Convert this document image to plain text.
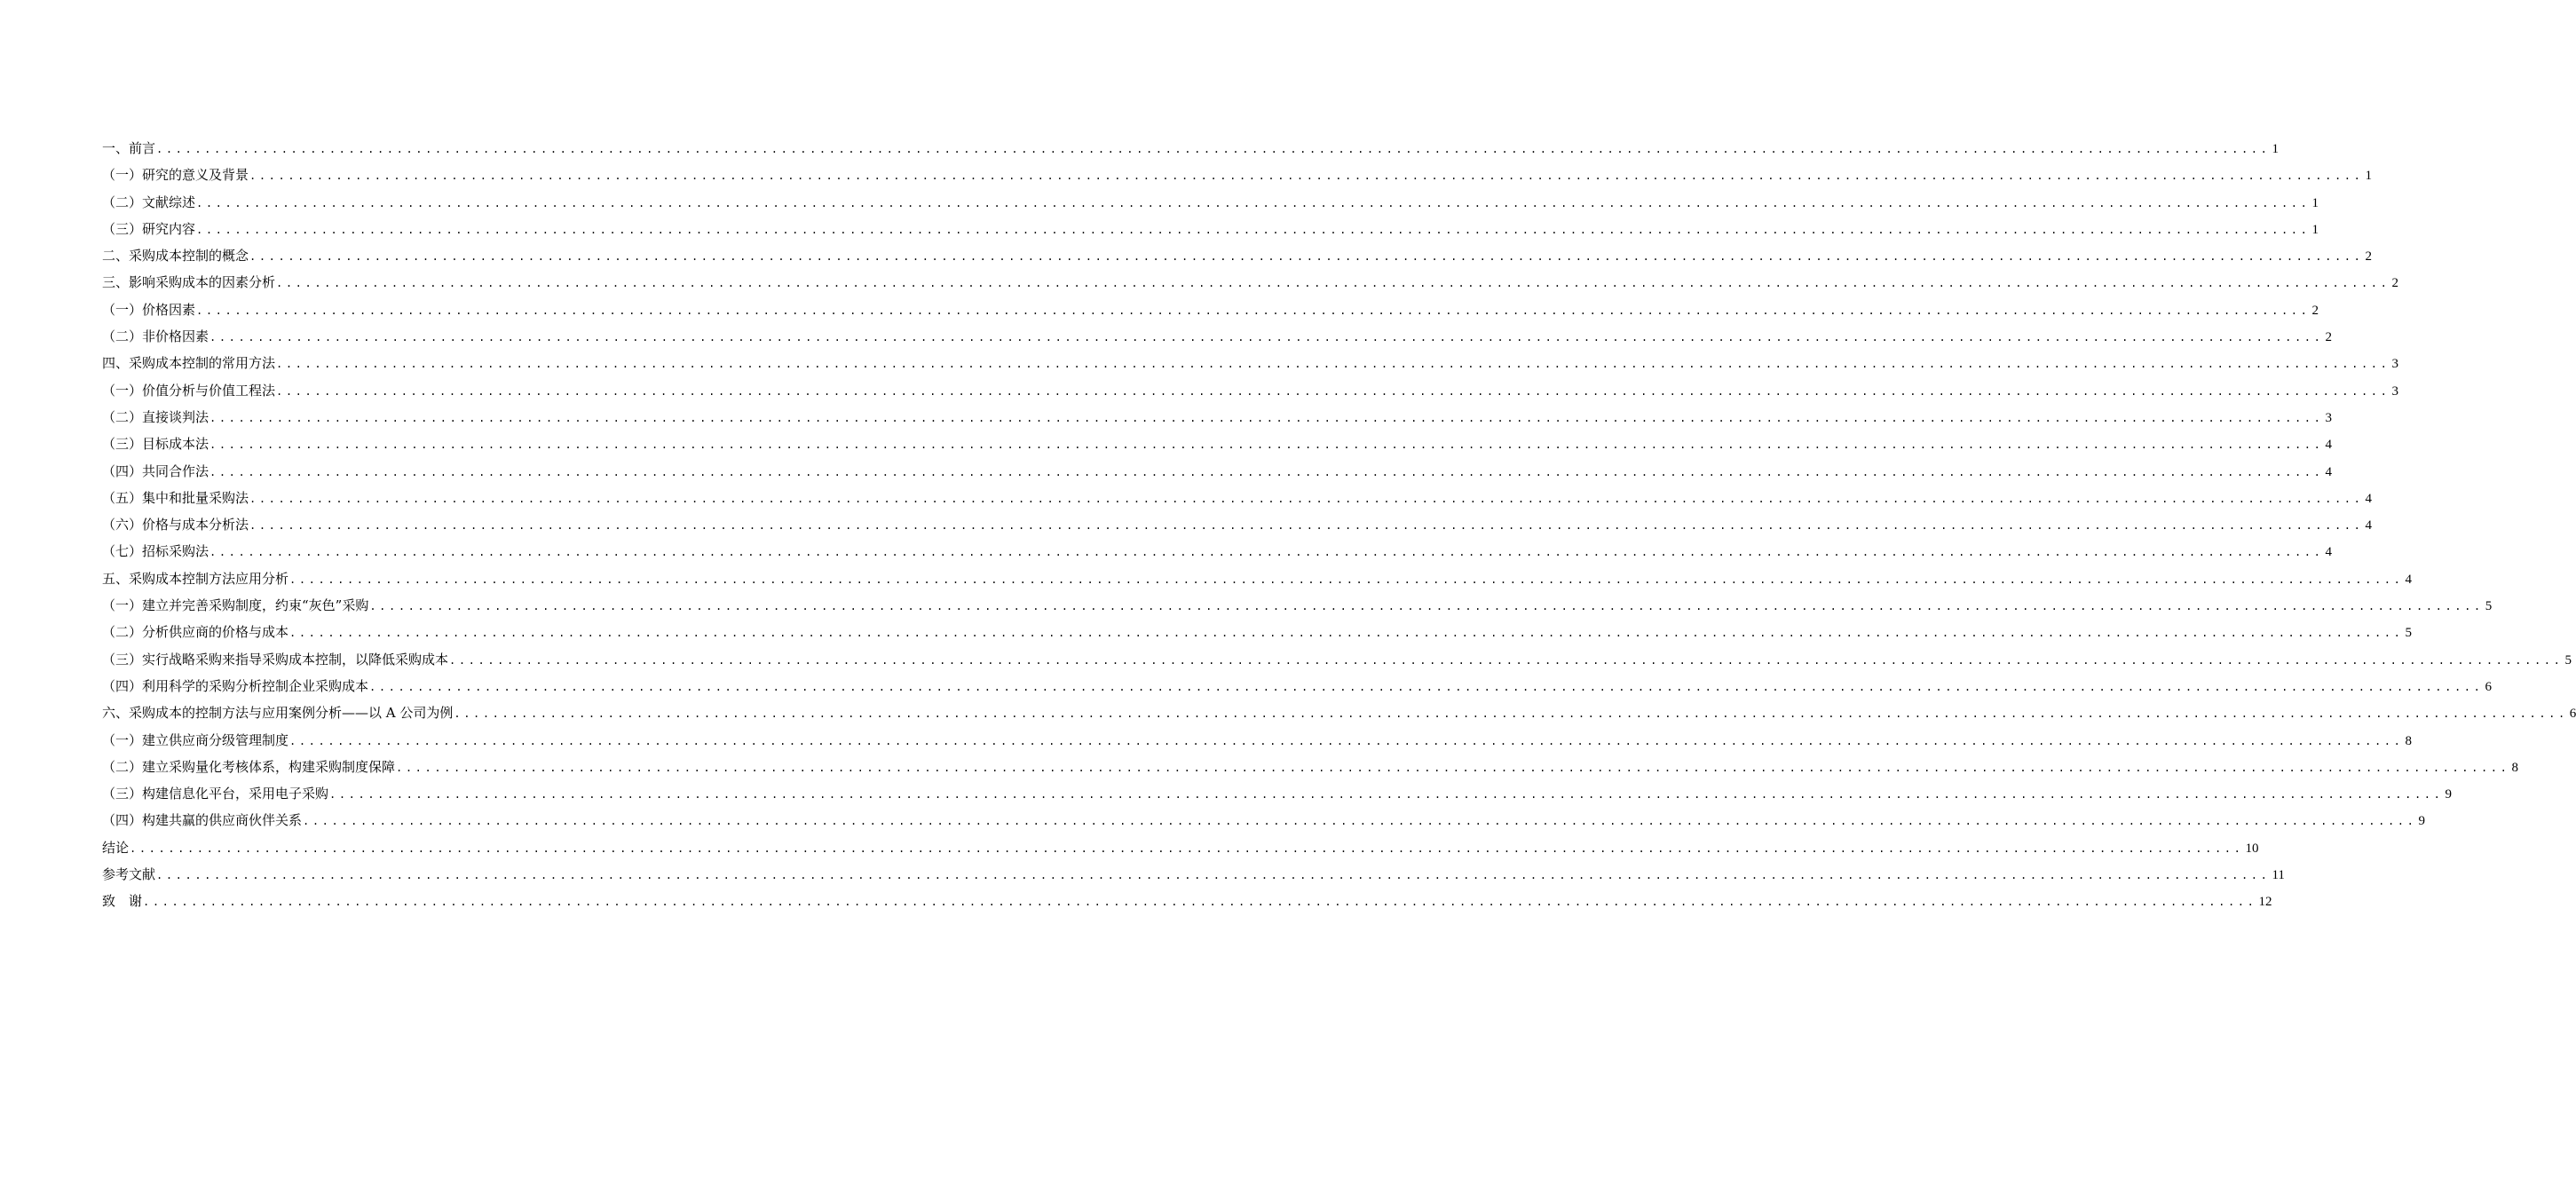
一、前言 ............................................................................................................................................................................................................................ 1
（一）研究的意义及背景 ............................................................................................................................................................................................................................ 1
（二）文献综述 ............................................................................................................................................................................................................................ 1
（三）研究内容 ............................................................................................................................................................................................................................ 1
二、采购成本控制的概念 ............................................................................................................................................................................................................................ 2
三、影响采购成本的因素分析 ............................................................................................................................................................................................................................ 2
（一）价格因素 ............................................................................................................................................................................................................................ 2
（二）非价格因素 ............................................................................................................................................................................................................................ 2
四、采购成本控制的常用方法 ............................................................................................................................................................................................................................ 3
（一）价值分析与价值工程法 ............................................................................................................................................................................................................................ 3
（二）直接谈判法 ............................................................................................................................................................................................................................ 3
（三）目标成本法 ............................................................................................................................................................................................................................ 4
（四）共同合作法 ............................................................................................................................................................................................................................ 4
（五）集中和批量采购法 ............................................................................................................................................................................................................................ 4
（六）价格与成本分析法 ............................................................................................................................................................................................................................ 4
（七）招标采购法 ............................................................................................................................................................................................................................ 4
五、采购成本控制方法应用分析 ............................................................................................................................................................................................................................ 4
（一）建立并完善采购制度，约束“灰色”采购 ............................................................................................................................................................................................................................ 5
（二）分析供应商的价格与成本 ............................................................................................................................................................................................................................ 5
（三）实行战略采购来指导采购成本控制，以降低采购成本 ............................................................................................................................................................................................................................ 5
（四）利用科学的采购分析控制企业采购成本 ............................................................................................................................................................................................................................ 6
六、采购成本的控制方法与应用案例分析——以 A 公司为例 ............................................................................................................................................................................................................................ 6
（一）建立供应商分级管理制度 ............................................................................................................................................................................................................................ 8
（二）建立采购量化考核体系，构建采购制度保障 ............................................................................................................................................................................................................................ 8
（三）构建信息化平台，采用电子采购 ............................................................................................................................................................................................................................ 9
（四）构建共赢的供应商伙伴关系 ............................................................................................................................................................................................................................ 9
结论 ............................................................................................................................................................................................................................ 10
参考文献 ............................................................................................................................................................................................................................ 11
致　谢 ............................................................................................................................................................................................................................ 12
